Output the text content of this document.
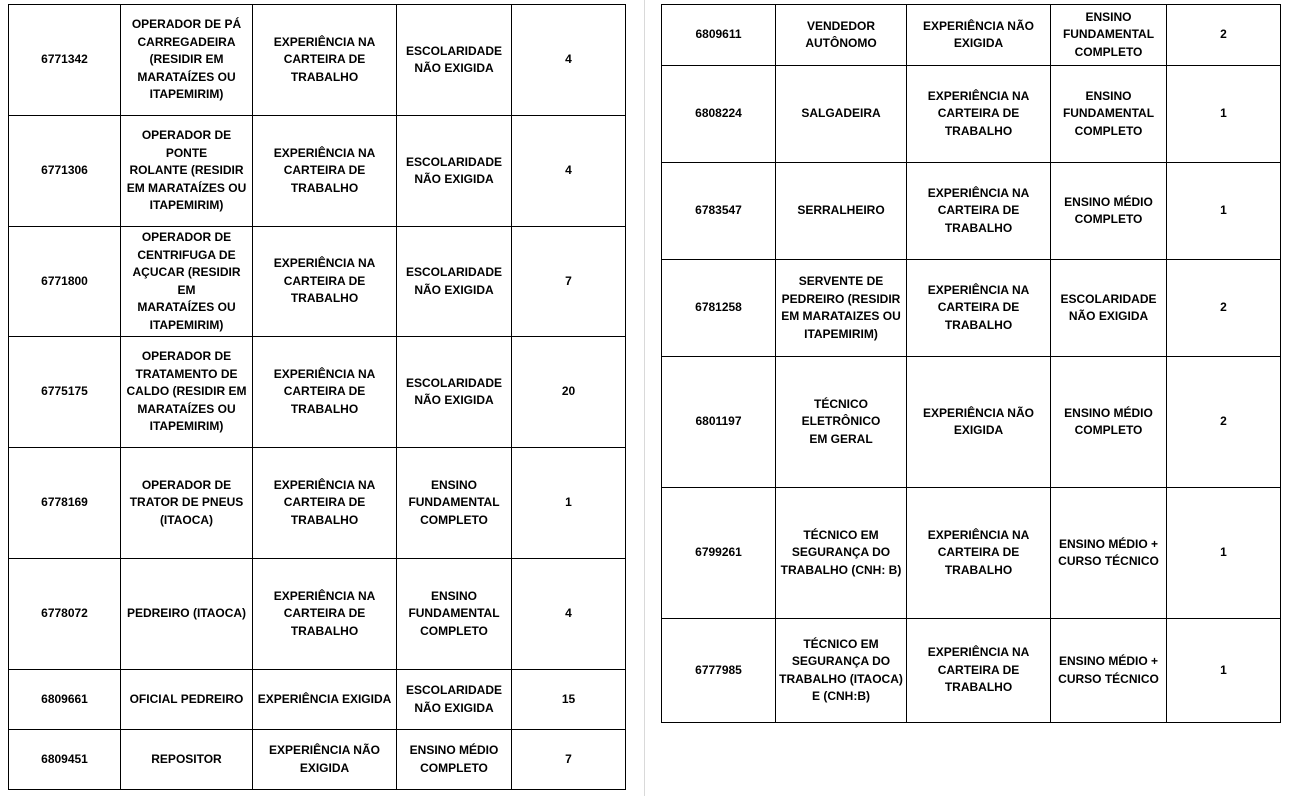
6771342	OPERADOR DE PÁ
CARREGADEIRA
(RESIDIR EM
MARATAÍZES OU
ITAPEMIRIM)	EXPERIÊNCIA NA
CARTEIRA DE
TRABALHO	ESCOLARIDADE
NÃO EXIGIDA	4
6771306	OPERADOR DE PONTE
ROLANTE (RESIDIR
EM MARATAÍZES OU
ITAPEMIRIM)	EXPERIÊNCIA NA
CARTEIRA DE
TRABALHO	ESCOLARIDADE
NÃO EXIGIDA	4
6771800	OPERADOR DE
CENTRIFUGA DE
AÇUCAR (RESIDIR EM
MARATAÍZES OU
ITAPEMIRIM)	EXPERIÊNCIA NA
CARTEIRA DE
TRABALHO	ESCOLARIDADE
NÃO EXIGIDA	7
6775175	OPERADOR DE
TRATAMENTO DE
CALDO (RESIDIR EM
MARATAÍZES OU
ITAPEMIRIM)	EXPERIÊNCIA NA
CARTEIRA DE
TRABALHO	ESCOLARIDADE
NÃO EXIGIDA	20
6778169	OPERADOR DE
TRATOR DE PNEUS
(ITAOCA)	EXPERIÊNCIA NA
CARTEIRA DE
TRABALHO	ENSINO
FUNDAMENTAL
COMPLETO	1
6778072	PEDREIRO (ITAOCA)	EXPERIÊNCIA NA
CARTEIRA DE
TRABALHO	ENSINO
FUNDAMENTAL
COMPLETO	4
6809661	OFICIAL PEDREIRO	EXPERIÊNCIA EXIGIDA	ESCOLARIDADE
NÃO EXIGIDA	15
6809451	REPOSITOR	EXPERIÊNCIA NÃO
EXIGIDA	ENSINO MÉDIO
COMPLETO	7
6809611	VENDEDOR
AUTÔNOMO	EXPERIÊNCIA NÃO
EXIGIDA	ENSINO
FUNDAMENTAL
COMPLETO	2
6808224	SALGADEIRA	EXPERIÊNCIA NA
CARTEIRA DE
TRABALHO	ENSINO
FUNDAMENTAL
COMPLETO	1
6783547	SERRALHEIRO	EXPERIÊNCIA NA
CARTEIRA DE
TRABALHO	ENSINO MÉDIO
COMPLETO	1
6781258	SERVENTE DE
PEDREIRO (RESIDIR
EM MARATAIZES OU
ITAPEMIRIM)	EXPERIÊNCIA NA
CARTEIRA DE
TRABALHO	ESCOLARIDADE
NÃO EXIGIDA	2
6801197	TÉCNICO ELETRÔNICO
EM GERAL	EXPERIÊNCIA NÃO
EXIGIDA	ENSINO MÉDIO
COMPLETO	2
6799261	TÉCNICO EM
SEGURANÇA DO
TRABALHO (CNH: B)	EXPERIÊNCIA NA
CARTEIRA DE
TRABALHO	ENSINO MÉDIO +
CURSO TÉCNICO	1
6777985	TÉCNICO EM
SEGURANÇA DO
TRABALHO (ITAOCA)
E (CNH:B)	EXPERIÊNCIA NA
CARTEIRA DE
TRABALHO	ENSINO MÉDIO +
CURSO TÉCNICO	1
